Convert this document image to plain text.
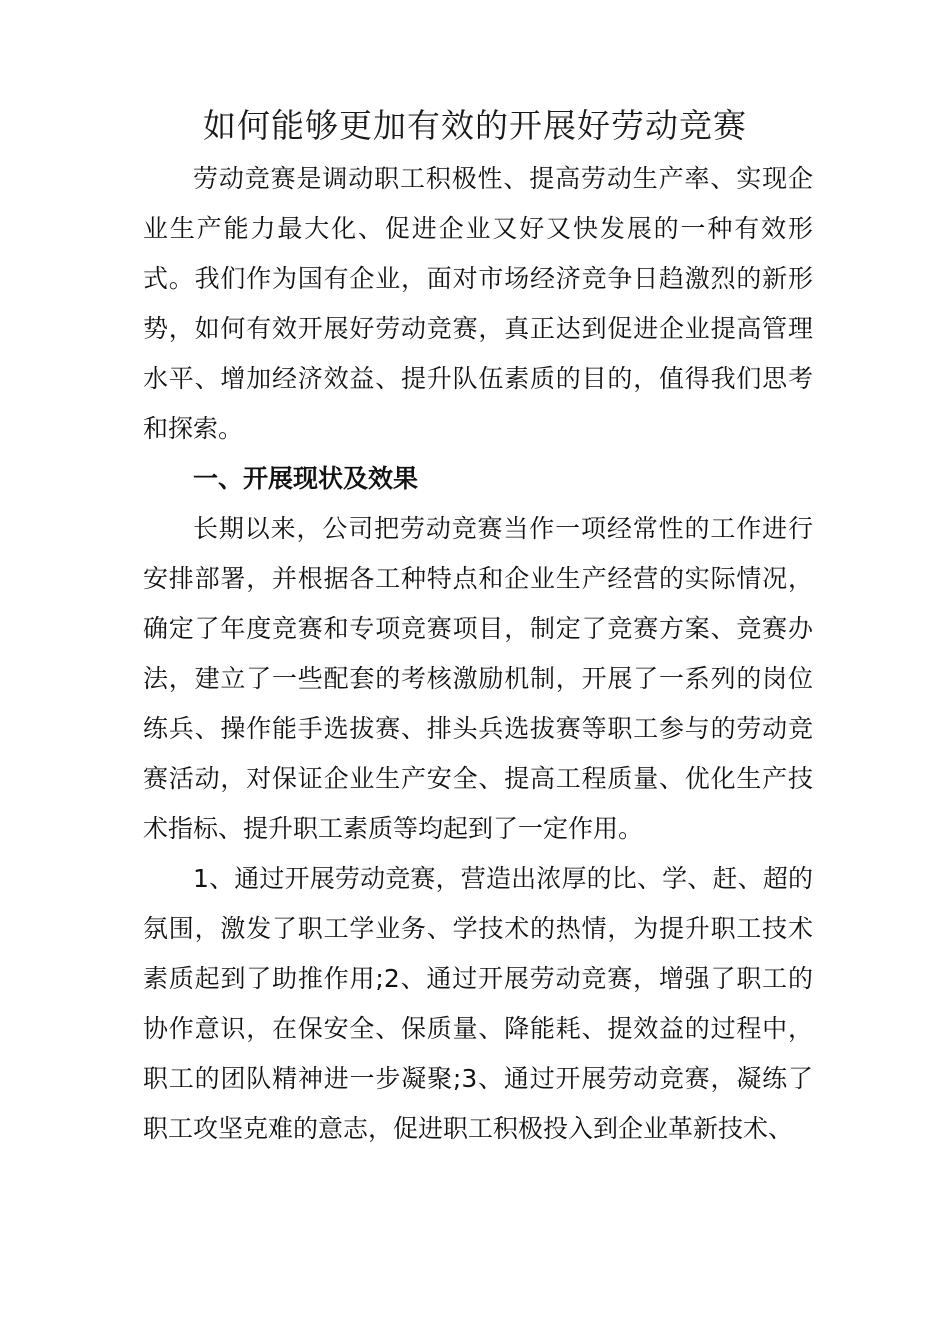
如何能够更加有效的开展好劳动竞赛

劳动竞赛是调动职工积极性、提高劳动生产率、实现企业生产能力最大化、促进企业又好又快发展的一种有效形式。我们作为国有企业，面对市场经济竞争日趋激烈的新形势，如何有效开展好劳动竞赛，真正达到促进企业提高管理水平、增加经济效益、提升队伍素质的目的，值得我们思考和探索。

一、开展现状及效果

长期以来，公司把劳动竞赛当作一项经常性的工作进行安排部署，并根据各工种特点和企业生产经营的实际情况，确定了年度竞赛和专项竞赛项目，制定了竞赛方案、竞赛办法，建立了一些配套的考核激励机制，开展了一系列的岗位练兵、操作能手选拔赛、排头兵选拔赛等职工参与的劳动竞赛活动，对保证企业生产安全、提高工程质量、优化生产技术指标、提升职工素质等均起到了一定作用。

1、通过开展劳动竞赛，营造出浓厚的比、学、赶、超的氛围，激发了职工学业务、学技术的热情，为提升职工技术素质起到了助推作用;2、通过开展劳动竞赛，增强了职工的协作意识，在保安全、保质量、降能耗、提效益的过程中，职工的团队精神进一步凝聚;3、通过开展劳动竞赛，凝练了职工攻坚克难的意志，促进职工积极投入到企业革新技术、
